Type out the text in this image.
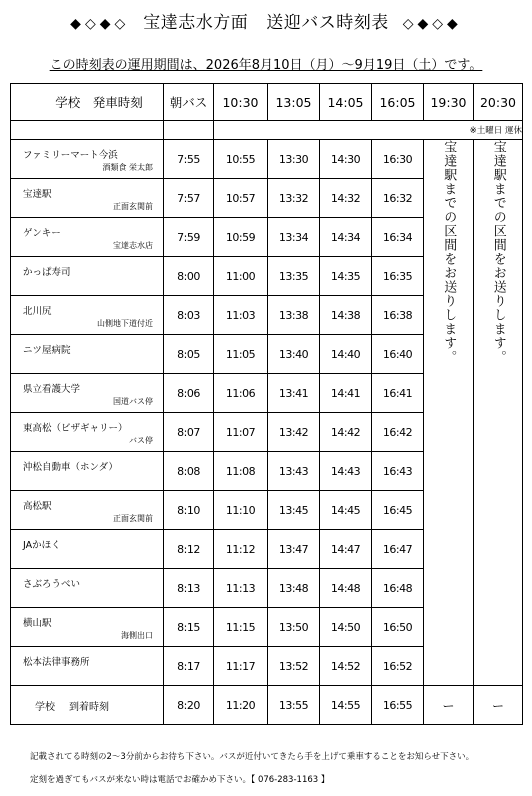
◆◇◆◇ 宝達志水方面 送迎バス時刻表 ◇◆◇◆
この時刻表の運用期間は、2026年8月10日（月）～9月19日（土）です。
学校　発車時刻	朝バス	10:30	13:05	14:05	16:05	19:30	20:30
		※土曜日 運休					

ファミリーマート今浜
酒類食 栄太郎	7:55	10:55	13:30	14:30	16:30	宝達駅までの区間をお送りします。	宝達駅までの区間をお送りします。

宝達駅
正面玄関前	7:57	10:57	13:32	14:32	16:32		

ゲンキー
宝達志水店	7:59	10:59	13:34	14:34	16:34		

かっぱ寿司	8:00	11:00	13:35	14:35	16:35		

北川尻
山側地下道付近	8:03	11:03	13:38	14:38	16:38		

ニツ屋病院	8:05	11:05	13:40	14:40	16:40		

県立看護大学
国道バス停	8:06	11:06	13:41	14:41	16:41		

東高松（ビザギャリー）
バス停	8:07	11:07	13:42	14:42	16:42		

沖松自動車（ホンダ）	8:08	11:08	13:43	14:43	16:43		

高松駅
正面玄関前	8:10	11:10	13:45	14:45	16:45		

JAかほく	8:12	11:12	13:47	14:47	16:47		

さぶろうべい	8:13	11:13	13:48	14:48	16:48		

横山駅
海側出口	8:15	11:15	13:50	14:50	16:50		

松本法律事務所	8:17	11:17	13:52	14:52	16:52		
学校 到着時刻	8:20	11:20	13:55	14:55	16:55	ー	ー
記載されてる時刻の2～3分前からお待ち下さい。バスが近付いてきたら手を上げて乗車することをお知らせ下さい。
定刻を過ぎてもバスが来ない時は電話でお確かめ下さい。【 076-283-1163 】
